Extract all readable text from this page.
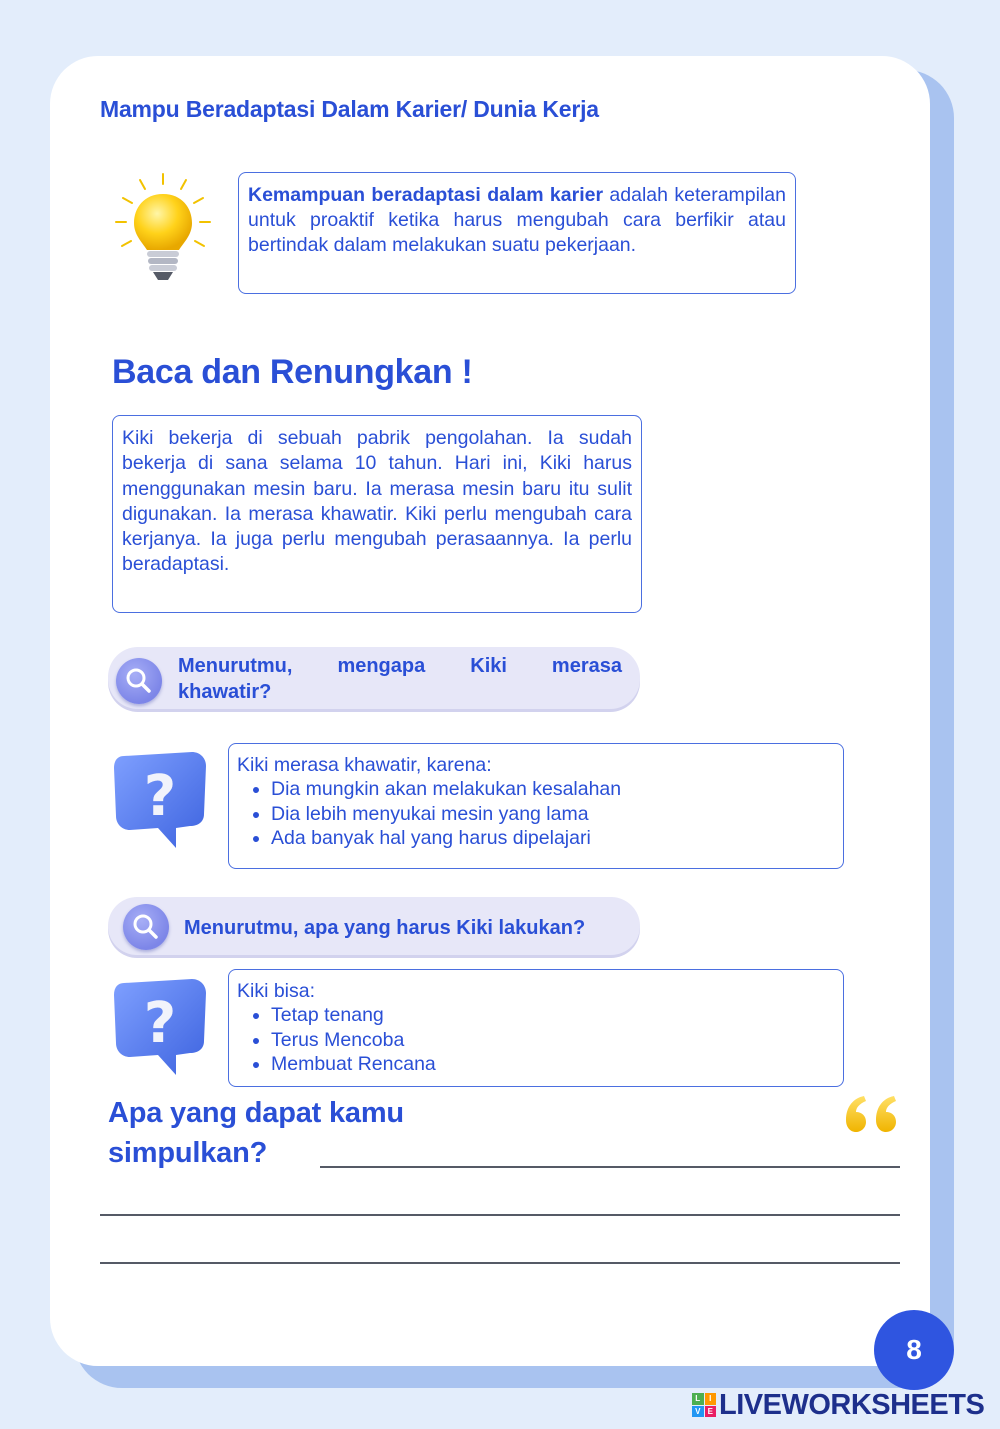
Mampu Beradaptasi Dalam Karier/ Dunia Kerja
Kemampuan beradaptasi dalam karier adalah keterampilan untuk proaktif ketika harus mengubah cara berfikir atau bertindak dalam melakukan suatu pekerjaan.
Baca dan Renungkan !
Kiki bekerja di sebuah pabrik pengolahan. Ia sudah bekerja di sana selama 10 tahun. Hari ini, Kiki harus menggunakan mesin baru. Ia merasa mesin baru itu sulit digunakan. Ia merasa khawatir. Kiki perlu mengubah cara kerjanya. Ia juga perlu mengubah perasaannya. Ia perlu beradaptasi.
Menurutmu, mengapa Kiki merasa
khawatir?
?	Kiki merasa khawatir, karena:
• Dia mungkin akan melakukan kesalahan
• Dia lebih menyukai mesin yang lama
• Ada banyak hal yang harus dipelajari
Menurutmu, apa yang harus Kiki lakukan?
?	Kiki bisa:
• Tetap tenang
• Terus Mencoba
• Membuat Rencana
Apa yang dapat kamu
simpulkan?
8
L	I
V E LIVEWORKSHEETS
